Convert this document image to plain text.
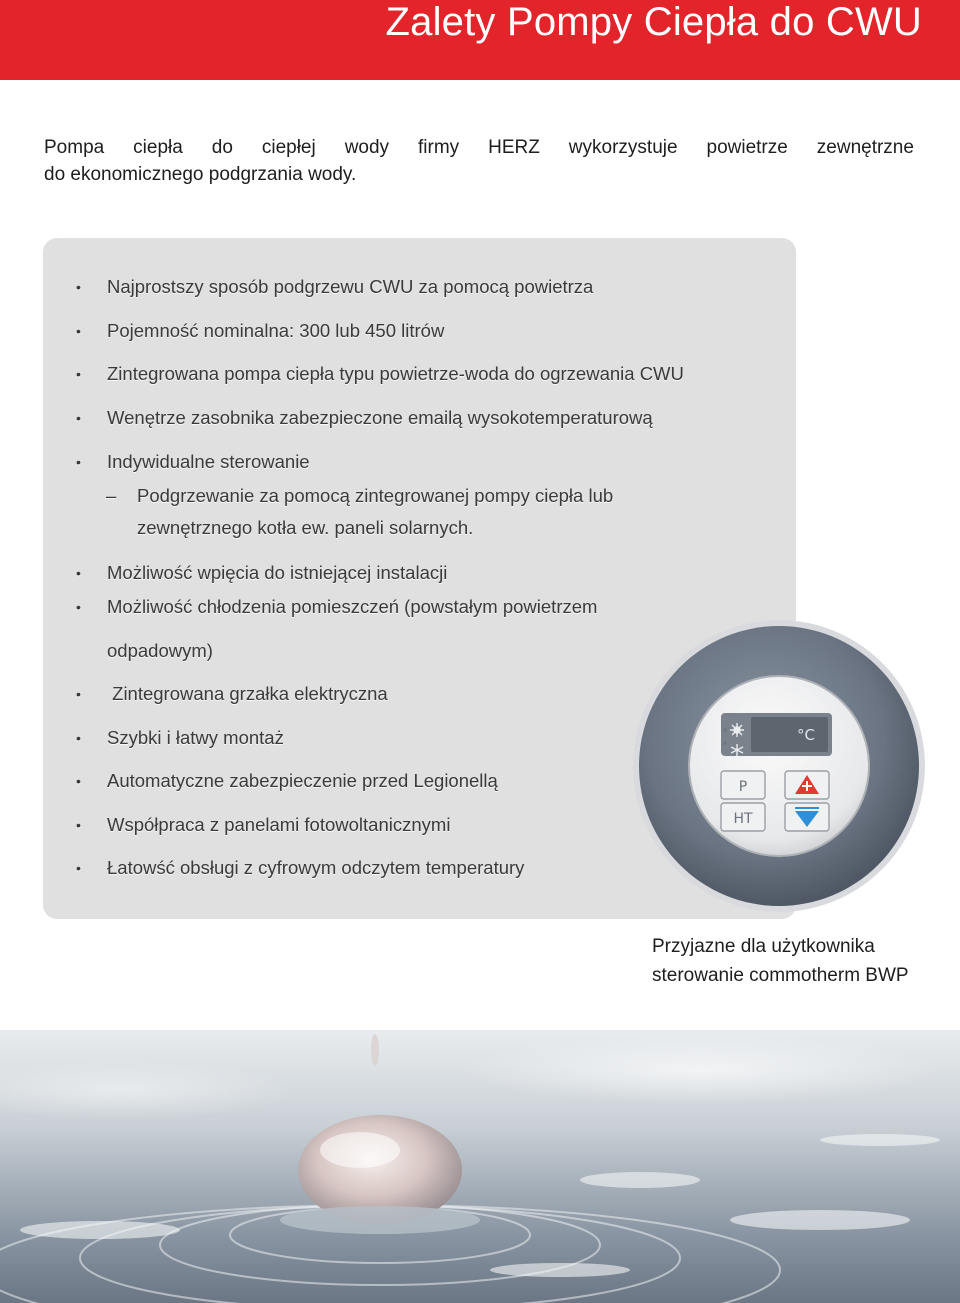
Zalety Pompy Ciepła do CWU
Pompa ciepła do ciepłej wody firmy HERZ wykorzystuje powietrze zewnętrzne
do ekonomicznego podgrzania wody.
• Najprostszy sposób podgrzewu CWU za pomocą powietrza
• Pojemność nominalna: 300 lub 450 litrów
• Zintegrowana pompa ciepła typu powietrze-woda do ogrzewania CWU
• Wenętrze zasobnika zabezpieczone emailą wysokotemperaturową
• Indywidualne sterowanie
– Podgrzewanie za pomocą zintegrowanej pompy ciepła lub
zewnętrznego kotła ew. paneli solarnych.
• Możliwość wpięcia do istniejącej instalacji
• Możliwość chłodzenia pomieszczeń (powstałym powietrzem
odpadowym)
• Zintegrowana grzałka elektryczna
• Szybki i łatwy montaż
• Automatyczne zabezpieczenie przed Legionellą
• Współpraca z panelami fotowoltanicznymi
• Łatowść obsługi z cyfrowym odczytem temperatury
°C
P
HT
Przyjazne dla użytkownika
sterowanie commotherm BWP
